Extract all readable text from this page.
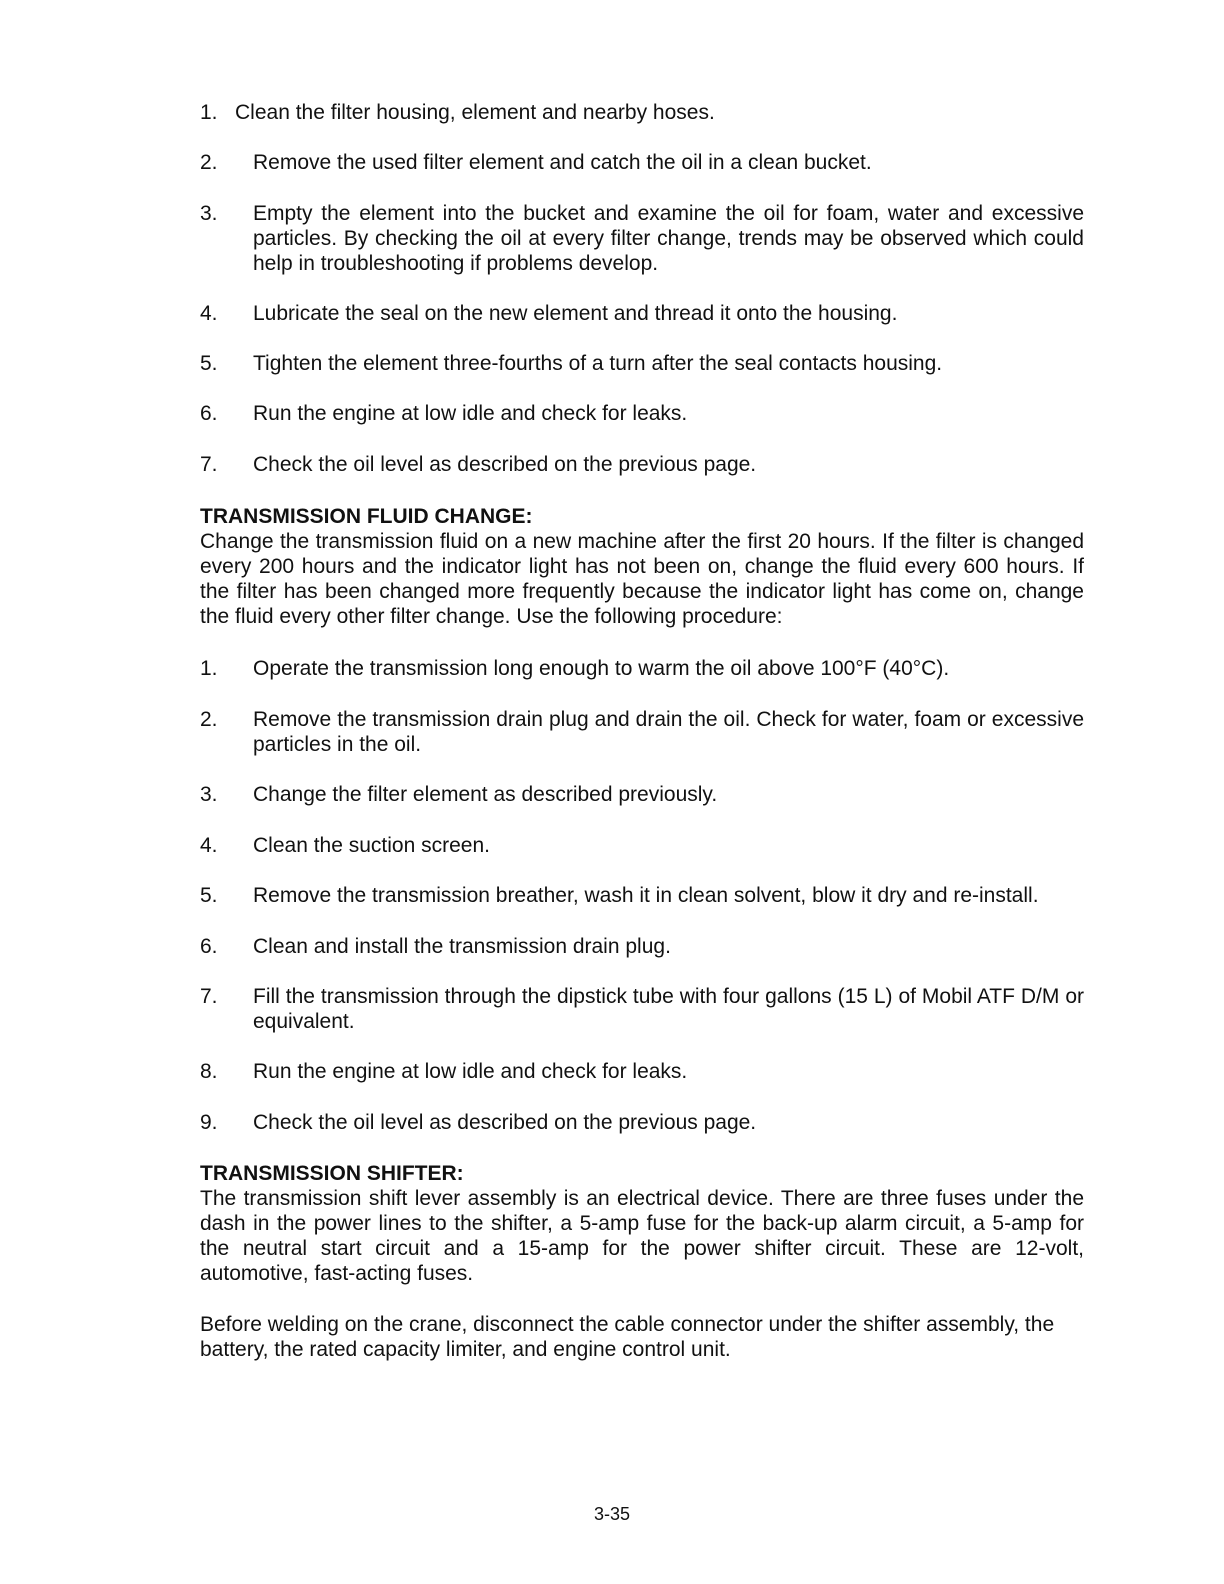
1. Clean the filter housing, element and nearby hoses.
2. Remove the used filter element and catch the oil in a clean bucket.
3. Empty the element into the bucket and examine the oil for foam, water and excessive particles. By checking the oil at every filter change, trends may be observed which could help in troubleshooting if problems develop.
4. Lubricate the seal on the new element and thread it onto the housing.
5. Tighten the element three-fourths of a turn after the seal contacts housing.
6. Run the engine at low idle and check for leaks.
7. Check the oil level as described on the previous page.
TRANSMISSION FLUID CHANGE:
Change the transmission fluid on a new machine after the first 20 hours. If the filter is changed every 200 hours and the indicator light has not been on, change the fluid every 600 hours. If the filter has been changed more frequently because the indicator light has come on, change the fluid every other filter change. Use the following procedure:
1. Operate the transmission long enough to warm the oil above 100°F (40°C).
2. Remove the transmission drain plug and drain the oil. Check for water, foam or excessive particles in the oil.
3. Change the filter element as described previously.
4. Clean the suction screen.
5. Remove the transmission breather, wash it in clean solvent, blow it dry and re-install.
6. Clean and install the transmission drain plug.
7. Fill the transmission through the dipstick tube with four gallons (15 L) of Mobil ATF D/M or equivalent.
8. Run the engine at low idle and check for leaks.
9. Check the oil level as described on the previous page.
TRANSMISSION SHIFTER:
The transmission shift lever assembly is an electrical device. There are three fuses under the dash in the power lines to the shifter, a 5-amp fuse for the back-up alarm circuit, a 5-amp for the neutral start circuit and a 15-amp for the power shifter circuit. These are 12-volt, automotive, fast-acting fuses.
Before welding on the crane, disconnect the cable connector under the shifter assembly, the battery, the rated capacity limiter, and engine control unit.
3-35
